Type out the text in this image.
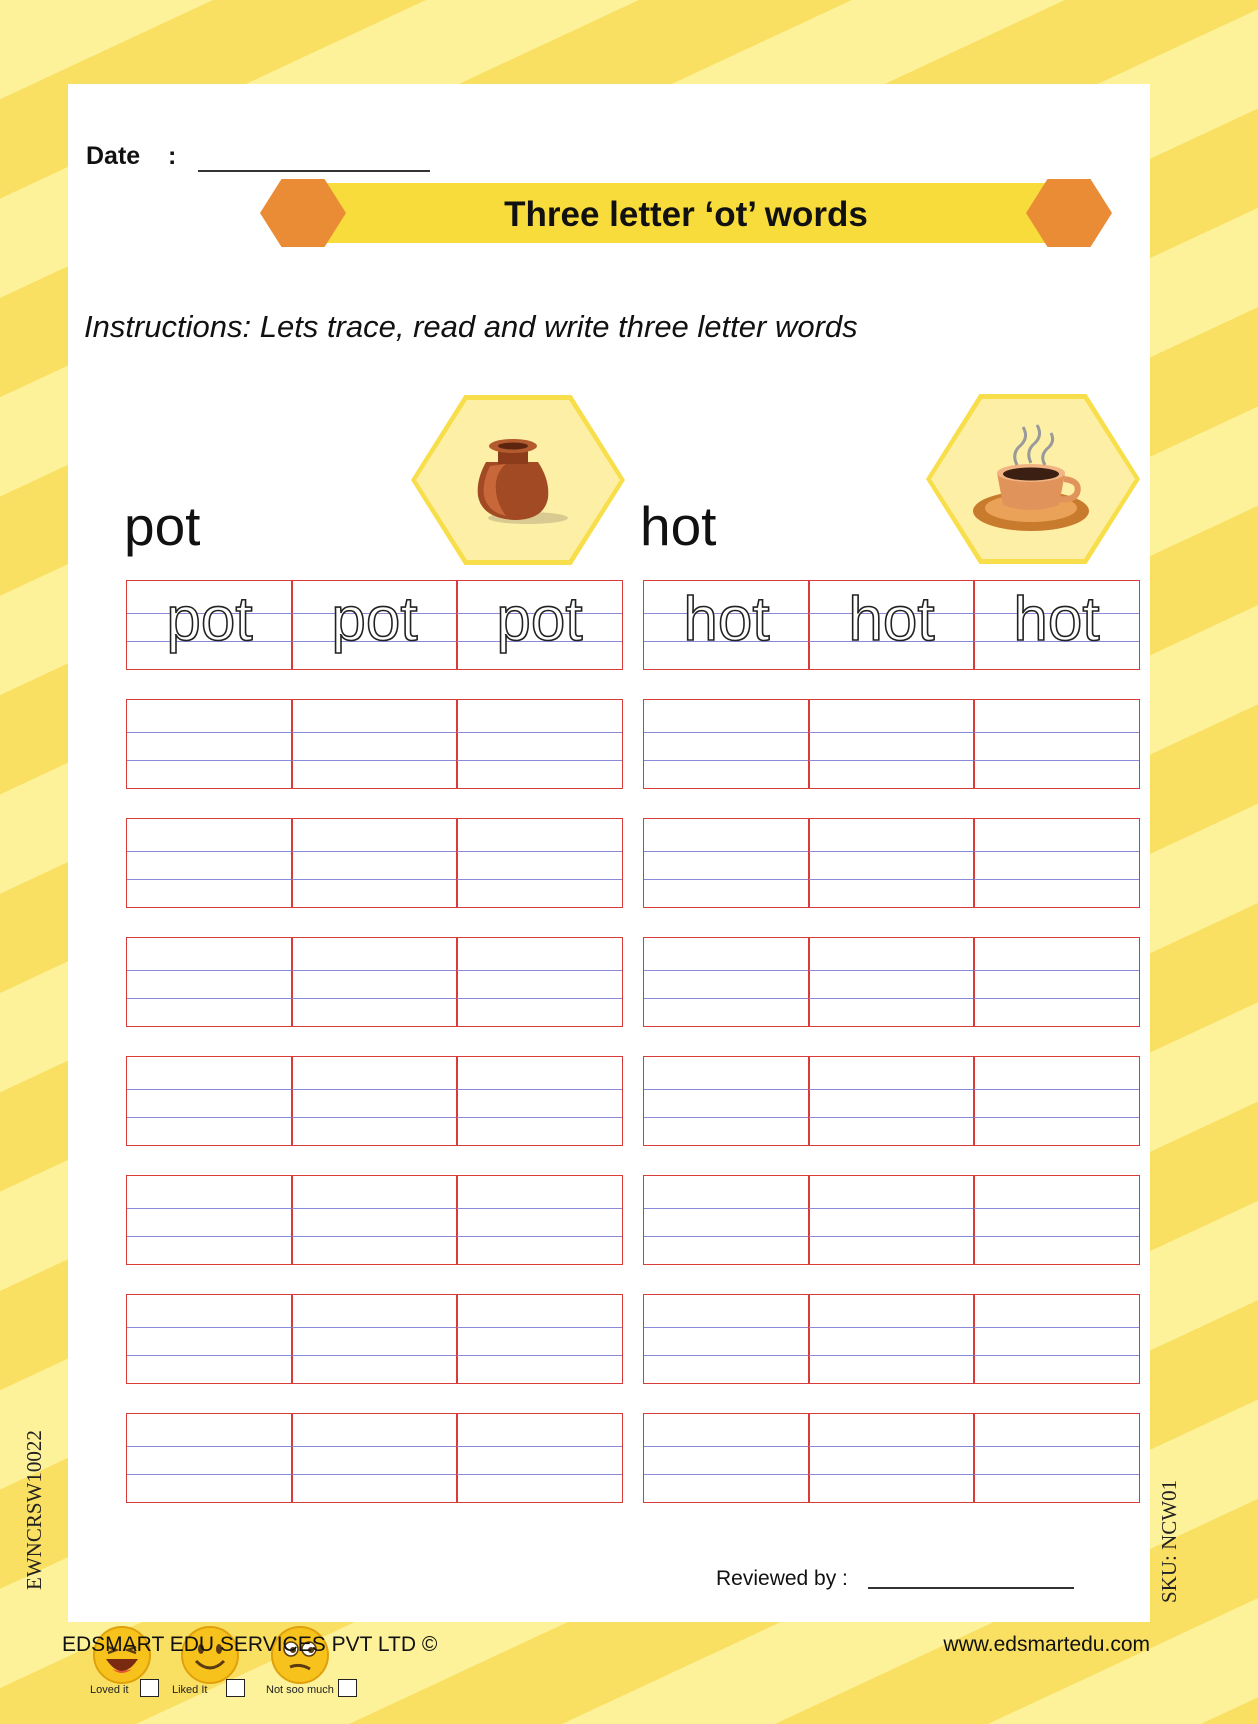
Date :
Three letter ‘ot’ words
Instructions: Lets trace, read and write three letter words
pot	hot
pot	pot	pot	hot	hot	hot
Loved it	Liked It	Not soo much
Reviewed by :
EWNCRSW10022	SKU: NCW01
EDSMART EDU SERVICES PVT LTD ©	www.edsmartedu.com
